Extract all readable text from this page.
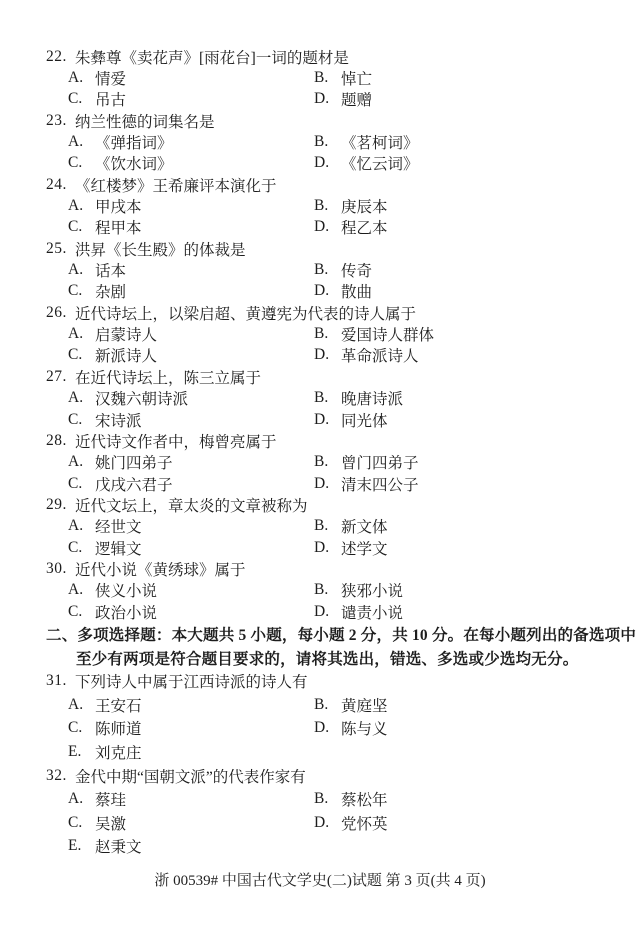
22. 朱彝尊《卖花声》[雨花台]一词的题材是
A. 情爱	B. 悼亡
C. 吊古	D. 题赠
23. 纳兰性德的词集名是
A. 《弹指词》	B. 《茗柯词》
C. 《饮水词》	D. 《忆云词》
24. 《红楼梦》王希廉评本演化于
A. 甲戌本	B. 庚辰本
C. 程甲本	D. 程乙本
25. 洪昇《长生殿》的体裁是
A. 话本	B. 传奇
C. 杂剧	D. 散曲
26. 近代诗坛上，以梁启超、黄遵宪为代表的诗人属于
A. 启蒙诗人	B. 爱国诗人群体
C. 新派诗人	D. 革命派诗人
27. 在近代诗坛上，陈三立属于
A. 汉魏六朝诗派	B. 晚唐诗派
C. 宋诗派	D. 同光体
28. 近代诗文作者中，梅曾亮属于
A. 姚门四弟子	B. 曾门四弟子
C. 戊戌六君子	D. 清末四公子
29. 近代文坛上，章太炎的文章被称为
A. 经世文	B. 新文体
C. 逻辑文	D. 述学文
30. 近代小说《黄绣球》属于
A. 侠义小说	B. 狭邪小说
C. 政治小说	D. 谴责小说
二、多项选择题：本大题共 5 小题，每小题 2 分，共 10 分。在每小题列出的备选项中
至少有两项是符合题目要求的，请将其选出，错选、多选或少选均无分。
31. 下列诗人中属于江西诗派的诗人有
A. 王安石	B. 黄庭坚
C. 陈师道	D. 陈与义
E. 刘克庄
32. 金代中期“国朝文派”的代表作家有
A. 蔡珪	B. 蔡松年
C. 吴激	D. 党怀英
E. 赵秉文
浙 00539# 中国古代文学史(二)试题 第 3 页(共 4 页)
